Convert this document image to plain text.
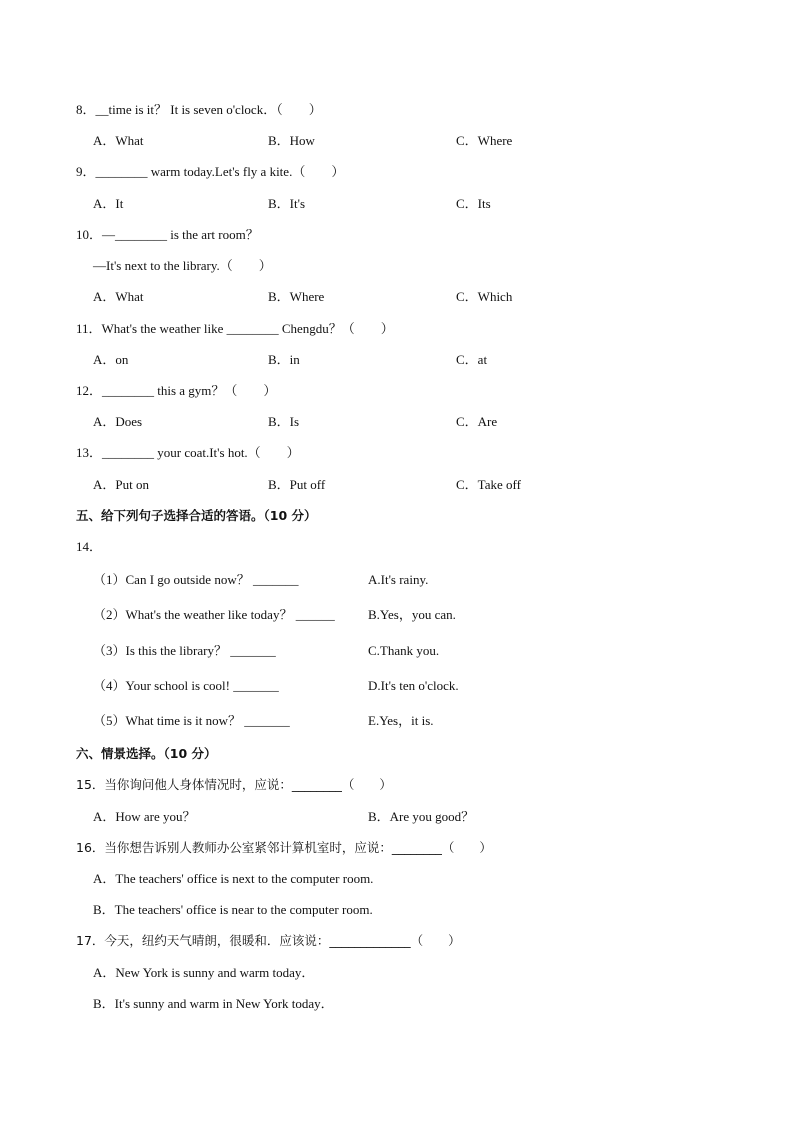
8．__time is it？ It is seven o'clock．（　　）
A．What	B．How	C．Where
9．________ warm today.Let's fly a kite.（　　）
A．It	B．It's	C．Its
10．—________ is the art room？
—It's next to the library.（　　）
A．What	B．Where	C．Which
11．What's the weather like ________ Chengdu？（　　）
A．on	B．in	C．at
12．________ this a gym？（　　）
A．Does	B．Is	C．Are
13．________ your coat.It's hot.（　　）
A．Put on	B．Put off	C．Take off
五、给下列句子选择合适的答语。（10 分）
14．
（1）Can I go outside now？ _______	A.It's rainy.
（2）What's the weather like today？ ______	B.Yes，you can.
（3）Is this the library？ _______	C.Thank you.
（4）Your school is cool! _______	D.It's ten o'clock.
（5）What time is it now？ _______	E.Yes，it is.
六、情景选择。（10 分）
15．当你询问他人身体情况时，应说：________（　　）
A．How are you？	B．Are you good？
16．当你想告诉别人教师办公室紧邻计算机室时，应说：________（　　）
A．The teachers' office is next to the computer room.
B．The teachers' office is near to the computer room.
17．今天，纽约天气晴朗，很暖和．应该说：_____________（　　）
A．New York is sunny and warm today．
B．It's sunny and warm in New York today．
